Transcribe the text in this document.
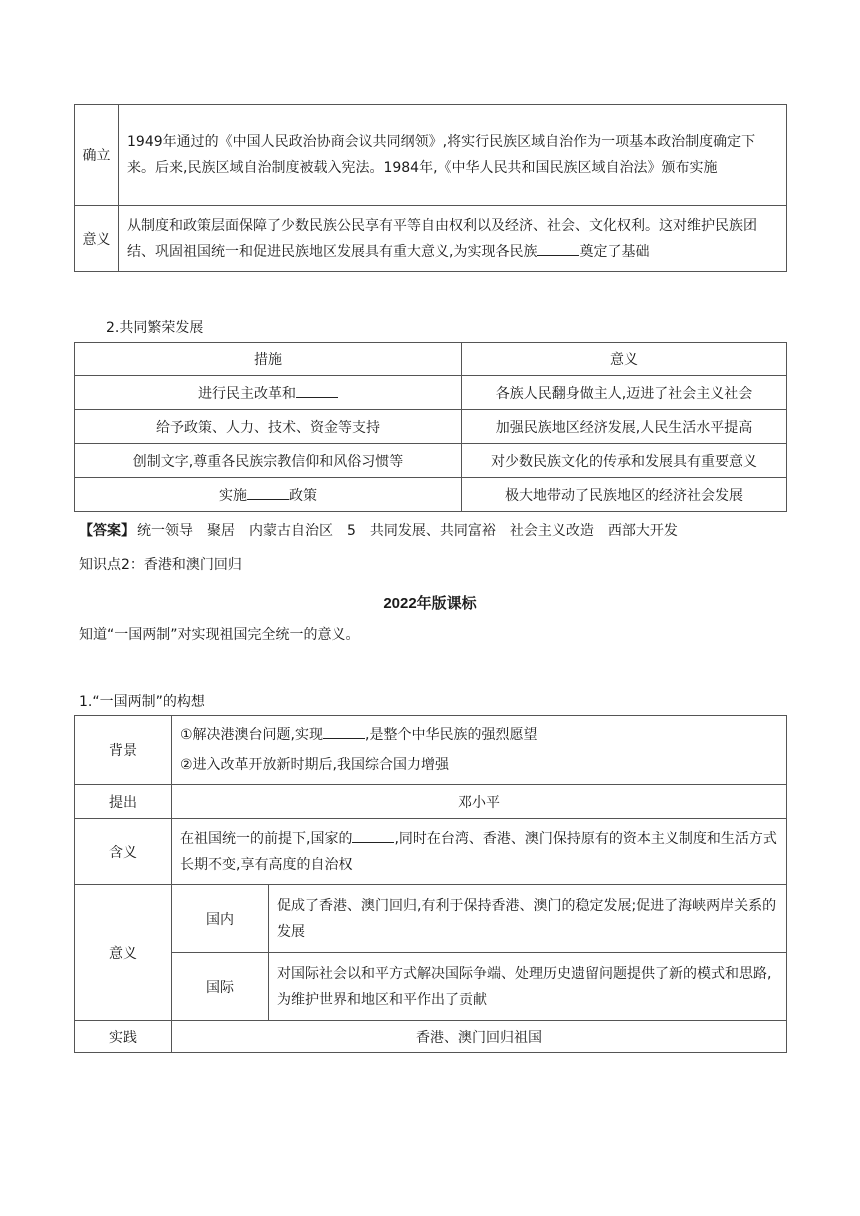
确立	1949年通过的《中国人民政治协商会议共同纲领》,将实行民族区域自治作为一项基本政治制度确定下来。后来,民族区域自治制度被载入宪法。1984年,《中华人民共和国民族区域自治法》颁布实施
意义	从制度和政策层面保障了少数民族公民享有平等自由权利以及经济、社会、文化权利。这对维护民族团结、巩固祖国统一和促进民族地区发展具有重大意义,为实现各民族 奠定了基础
2.共同繁荣发展
措施	意义
进行民主改革和	各族人民翻身做主人,迈进了社会主义社会
给予政策、人力、技术、资金等支持	加强民族地区经济发展,人民生活水平提高
创制文字,尊重各民族宗教信仰和风俗习惯等	对少数民族文化的传承和发展具有重要意义
实施 政策	极大地带动了民族地区的经济社会发展
【答案】 统一领导 聚居 内蒙古自治区 5 共同发展、共同富裕 社会主义改造 西部大开发
知识点2：香港和澳门回归
2022年版课标
知道“一国两制”对实现祖国完全统一的意义。
1.“一国两制”的构想
背景	①解决港澳台问题,实现 ,是整个中华民族的强烈愿望
②进入改革开放新时期后,我国综合国力增强	

提出	邓小平	
含义	在祖国统一的前提下,国家的 ,同时在台湾、香港、澳门保持原有的资本主义制度和生活方式长期不变,享有高度的自治权	
意义	国内	促成了香港、澳门回归,有利于保持香港、澳门的稳定发展;促进了海峡两岸关系的发展
	国际	对国际社会以和平方式解决国际争端、处理历史遗留问题提供了新的模式和思路,为维护世界和地区和平作出了贡献
实践	香港、澳门回归祖国	
